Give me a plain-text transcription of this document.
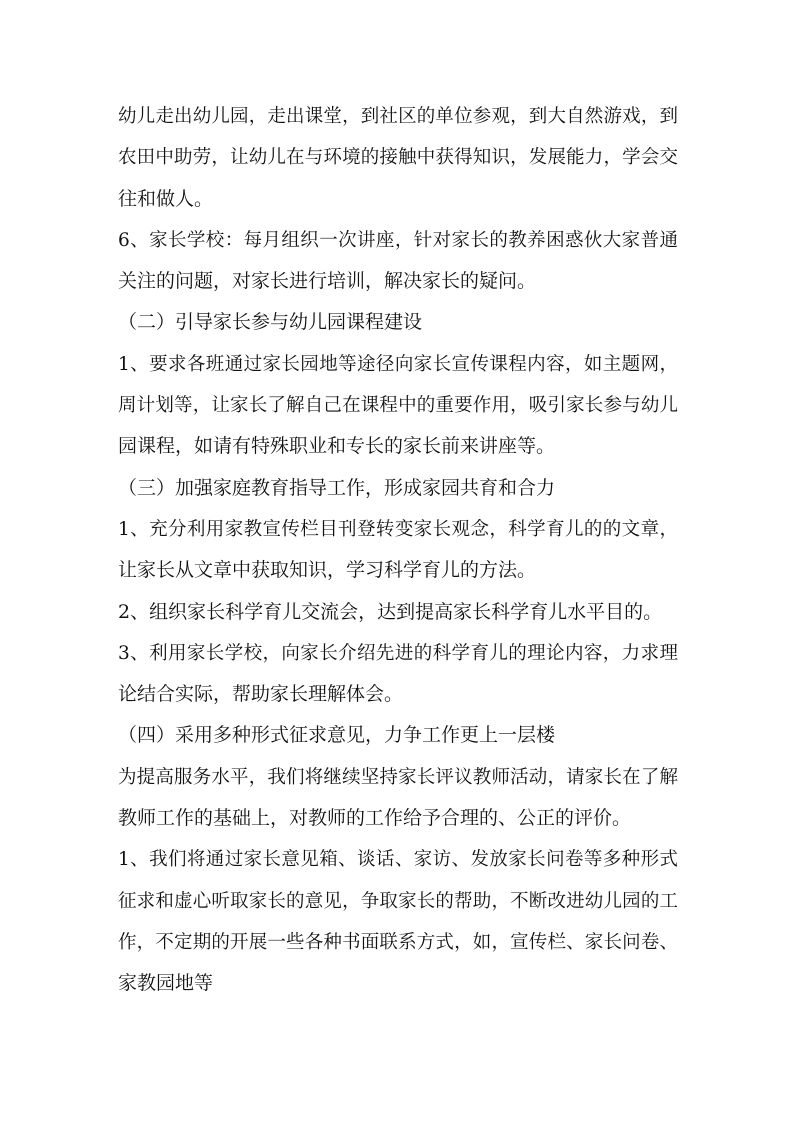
幼儿走出幼儿园，走出课堂，到社区的单位参观，到大自然游戏，到
农田中助劳，让幼儿在与环境的接触中获得知识，发展能力，学会交
往和做人。
6、家长学校：每月组织一次讲座，针对家长的教养困惑伙大家普通
关注的问题，对家长进行培训，解决家长的疑问。
（二）引导家长参与幼儿园课程建设
1、要求各班通过家长园地等途径向家长宣传课程内容，如主题网，
周计划等，让家长了解自己在课程中的重要作用，吸引家长参与幼儿
园课程，如请有特殊职业和专长的家长前来讲座等。
（三）加强家庭教育指导工作，形成家园共育和合力
1、充分利用家教宣传栏目刊登转变家长观念，科学育儿的的文章，
让家长从文章中获取知识，学习科学育儿的方法。
2、组织家长科学育儿交流会，达到提高家长科学育儿水平目的。
3、利用家长学校，向家长介绍先进的科学育儿的理论内容，力求理
论结合实际，帮助家长理解体会。
（四）采用多种形式征求意见，力争工作更上一层楼
为提高服务水平，我们将继续坚持家长评议教师活动，请家长在了解
教师工作的基础上，对教师的工作给予合理的、公正的评价。
1、我们将通过家长意见箱、谈话、家访、发放家长问卷等多种形式
征求和虚心听取家长的意见，争取家长的帮助，不断改进幼儿园的工
作，不定期的开展一些各种书面联系方式，如，宣传栏、家长问卷、
家教园地等
